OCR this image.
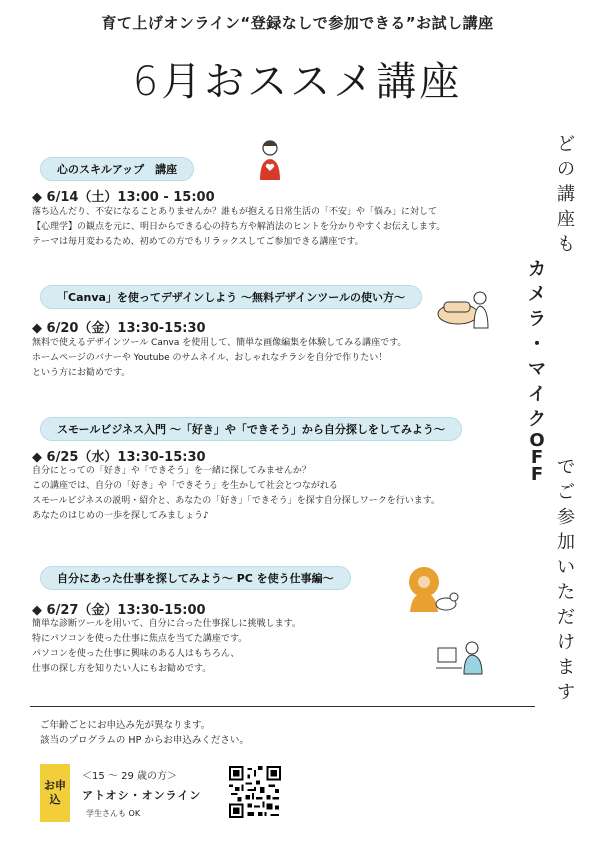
育て上げオンライン“登録なしで参加できる”お試し講座
6月おススメ講座
心のスキルアップ　講座
◆ 6/14（土）13:00 - 15:00
落ち込んだり、不安になることありませんか？誰もが抱える日常生活の「不安」や「悩み」に対して
【心理学】の観点を元に、明日からできる心の持ち方や解消法のヒントを分かりやすくお伝えします。
テーマは毎月変わるため、初めての方でもリラックスしてご参加できる講座です。
「Canva」を使ってデザインしよう ～無料デザインツールの使い方～
◆ 6/20（金）13:30-15:30
無料で使えるデザインツール Canva を使用して、簡単な画像編集を体験してみる講座です。
ホームページのバナーや Youtube のサムネイル、おしゃれなチラシを自分で作りたい！
という方にお勧めです。
スモールビジネス入門 ～「好き」や「できそう」から自分探しをしてみよう～
◆ 6/25（水）13:30-15:30
自分にとっての「好き」や「できそう」を一緒に探してみませんか？
この講座では、自分の「好き」や「できそう」を生かして社会とつながれる
スモールビジネスの説明・紹介と、あなたの「好き」「できそう」を探す自分探しワークを行います。
あなたのはじめの一歩を探してみましょう♪
自分にあった仕事を探してみよう～ PC を使う仕事編～
◆ 6/27（金）13:30-15:00
簡単な診断ツールを用いて、自分に合った仕事探しに挑戦します。
特にパソコンを使った仕事に焦点を当てた講座です。
パソコンを使った仕事に興味のある人はもちろん、
仕事の探し方を知りたい人にもお勧めです。
ど
の
講
座
も
カ
メ
ラ
・
マ
イ
ク
O
F
F で
ご
参
加
い
た
だ
け
ま
す
ご年齢ごとにお申込み先が異なります。
該当のプログラムの HP からお申込みください。
お申
込
＜15 ～ 29 歳の方＞
アトオシ・オンライン
学生さんも OK
